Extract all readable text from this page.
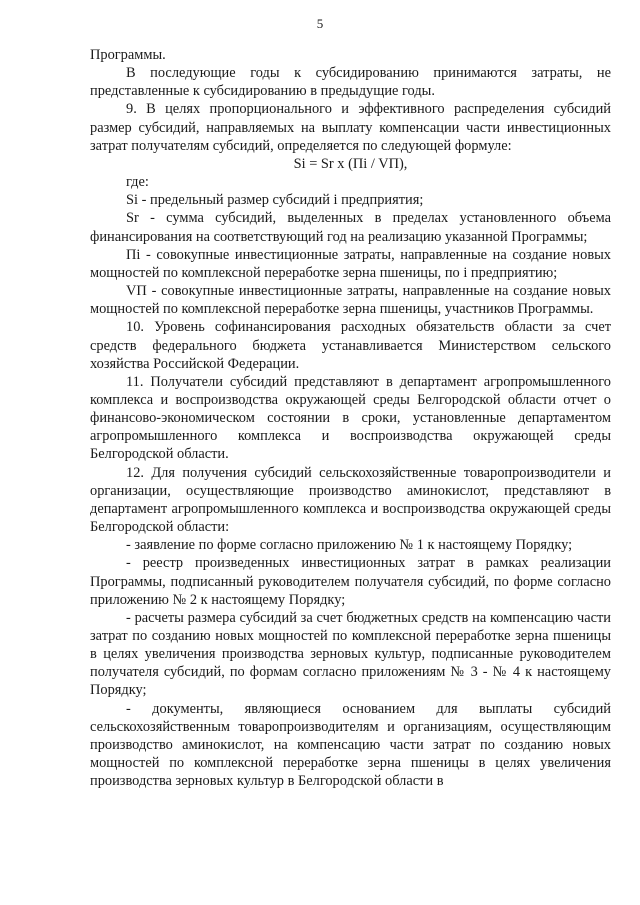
5

Программы.

В последующие годы к субсидированию принимаются затраты, не представленные к субсидированию в предыдущие годы.

9. В целях пропорционального и эффективного распределения субсидий размер субсидий, направляемых на выплату компенсации части инвестиционных затрат получателям субсидий, определяется по следующей формуле:

Si = Sr x (Пi / VП),

где:

Si - предельный размер субсидий i предприятия;

Sr - сумма субсидий, выделенных в пределах установленного объема финансирования на соответствующий год на реализацию указанной Программы;

Пi - совокупные инвестиционные затраты, направленные на создание новых мощностей по комплексной переработке зерна пшеницы, по i предприятию;

VП - совокупные инвестиционные затраты, направленные на создание новых мощностей по комплексной переработке зерна пшеницы, участников Программы.

10. Уровень софинансирования расходных обязательств области за счет средств федерального бюджета устанавливается Министерством сельского хозяйства Российской Федерации.

11. Получатели субсидий представляют в департамент агропромышленного комплекса и воспроизводства окружающей среды Белгородской области отчет о финансово-экономическом состоянии в сроки, установленные департаментом агропромышленного комплекса и воспроизводства окружающей среды Белгородской области.

12. Для получения субсидий сельскохозяйственные товаропроизводители и организации, осуществляющие производство аминокислот, представляют в департамент агропромышленного комплекса и воспроизводства окружающей среды Белгородской области:

- заявление по форме согласно приложению № 1 к настоящему Порядку;

- реестр произведенных инвестиционных затрат в рамках реализации Программы, подписанный руководителем получателя субсидий, по форме согласно приложению № 2 к настоящему Порядку;

- расчеты размера субсидий за счет бюджетных средств на компенсацию части затрат по созданию новых мощностей по комплексной переработке зерна пшеницы в целях увеличения производства зерновых культур, подписанные руководителем получателя субсидий, по формам согласно приложениям № 3 - № 4 к настоящему Порядку;

- документы, являющиеся основанием для выплаты субсидий сельскохозяйственным товаропроизводителям и организациям, осуществляющим производство аминокислот, на компенсацию части затрат по созданию новых мощностей по комплексной переработке зерна пшеницы в целях увеличения производства зерновых культур в Белгородской области в
